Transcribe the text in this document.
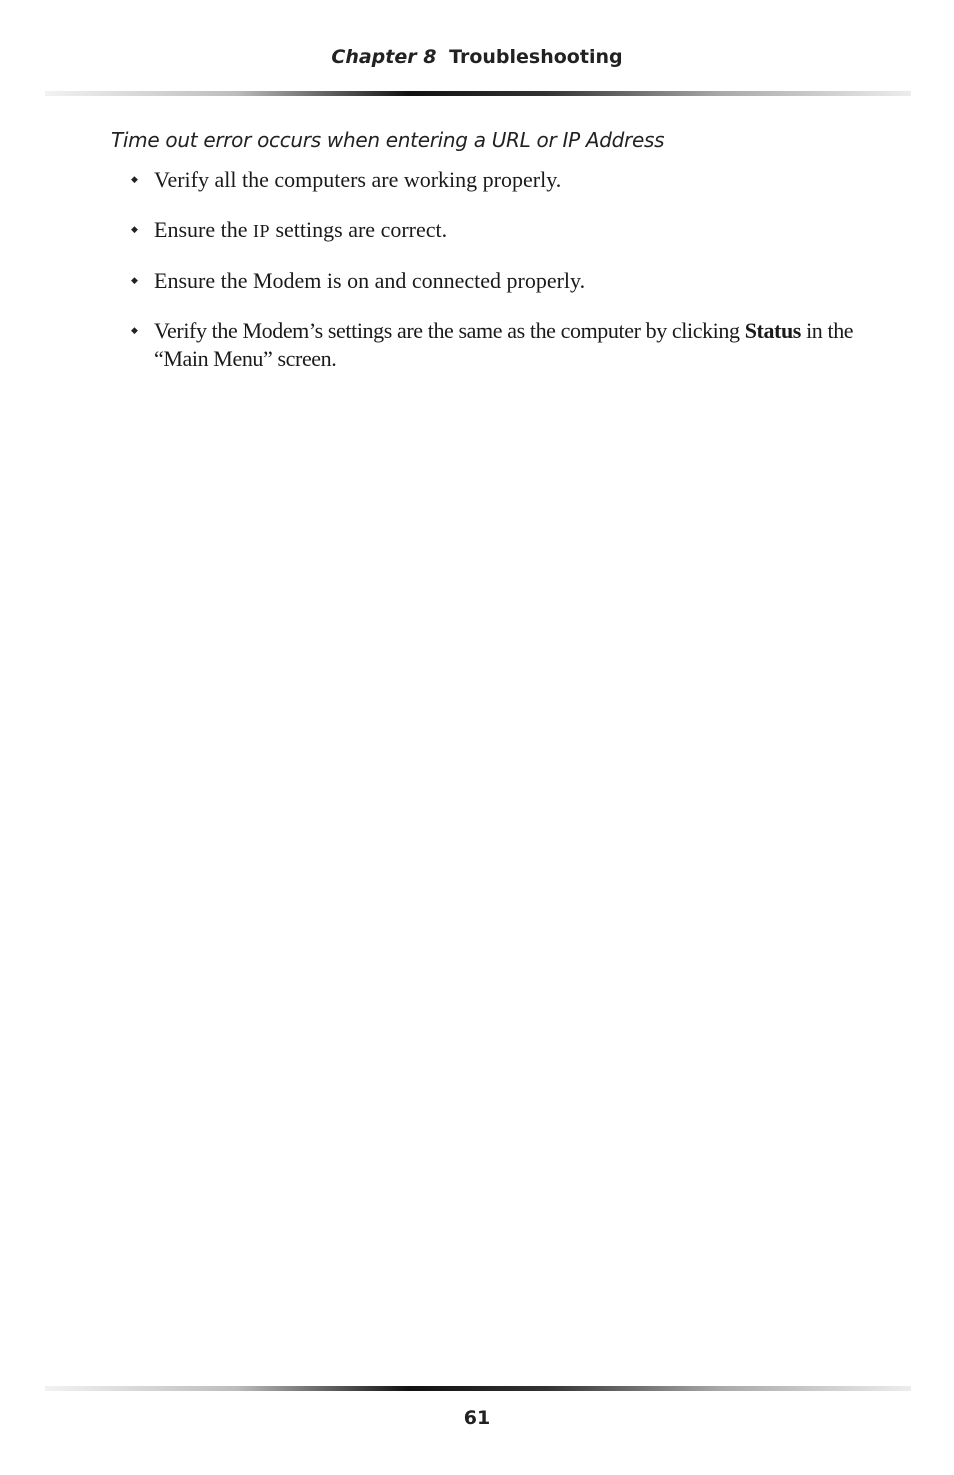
Chapter 8 Troubleshooting
Time out error occurs when entering a URL or IP Address
◆ Verify all the computers are working properly.
◆ Ensure the IP settings are correct.
◆ Ensure the Modem is on and connected properly.
◆ Verify the Modem’s settings are the same as the computer by clicking Status in the “Main Menu” screen.
61
